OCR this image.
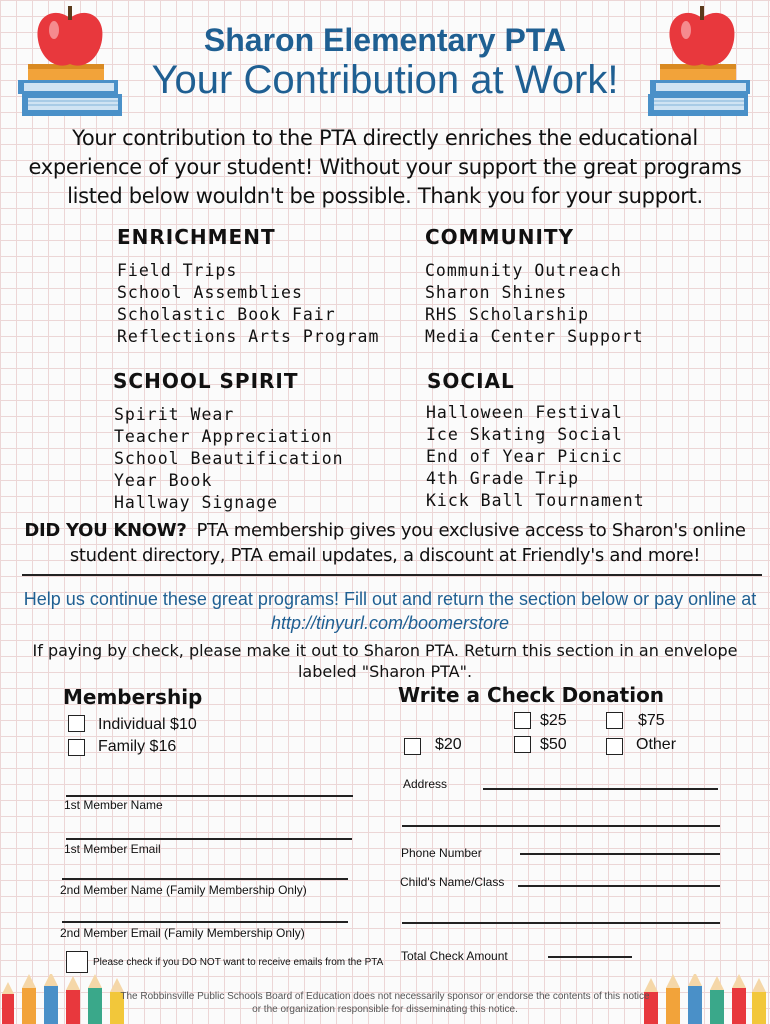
Sharon Elementary PTA
Your Contribution at Work!
Your contribution to the PTA directly enriches the educational experience of your student! Without your support the great programs listed below wouldn't be possible. Thank you for your support.
ENRICHMENT
Field Trips
School Assemblies
Scholastic Book Fair
Reflections Arts Program
COMMUNITY
Community Outreach
Sharon Shines
RHS Scholarship
Media Center Support
SCHOOL SPIRIT
Spirit Wear
Teacher Appreciation
School Beautification
Year Book
Hallway Signage
SOCIAL
Halloween Festival
Ice Skating Social
End of Year Picnic
4th Grade Trip
Kick Ball Tournament
DID YOU KNOW? PTA membership gives you exclusive access to Sharon's online student directory, PTA email updates, a discount at Friendly's and more!
Help us continue these great programs! Fill out and return the section below or pay online at http://tinyurl.com/boomerstore
If paying by check, please make it out to Sharon PTA. Return this section in an envelope labeled "Sharon PTA".
Membership
Individual $10
Family $16
1st Member Name
1st Member Email
2nd Member Name (Family Membership Only)
2nd Member Email (Family Membership Only)
Please check if you DO NOT want to receive emails from the PTA
Write a Check Donation
$25	$75
$20	$50	Other
Address
Phone Number
Child's Name/Class
Total Check Amount
The Robbinsville Public Schools Board of Education does not necessarily sponsor or endorse the contents of this notice or the organization responsible for disseminating this notice.
